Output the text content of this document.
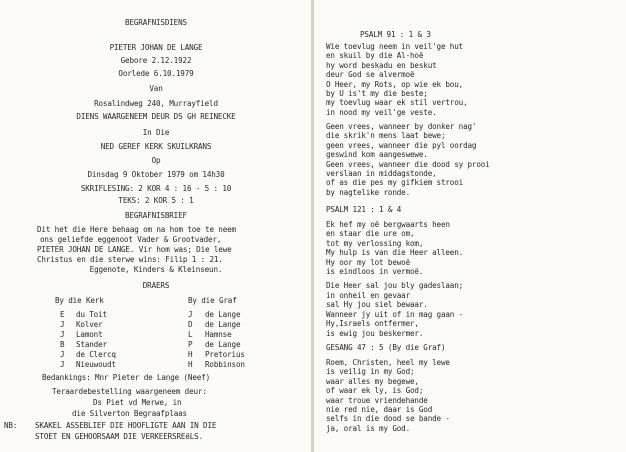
BEGRAFNISDIENS
PIETER JOHAN DE LANGE
Gebore 2.12.1922
Oorlede 6.10.1979
Van
Rosalindweg 240, Murrayfield
DIENS WAARGENEEM DEUR DS GH REINECKE
In Die
NED GEREF KERK SKUILKRANS
Op
Dinsdag 9 Oktober 1979 om 14h30
SKRIFLESING: 2 KOR 4 : 16 - 5 : 10
TEKS: 2 KOR 5 : 1
BEGRAFNISBRIEF
Dit het die Here behaag om na hom toe te neem
ons geliefde eggenoot Vader & Grootvader,
PIETER JOHAN DE LANGE. Vir hom was; Die lewe
Christus en die sterwe wins: Filip 1 : 21.
Eggenote, Kinders & Kleinseun.
DRAERS
By die Kerk	By die Graf
E du Toit
J Kolver
J Lamont
B Stander
J de Clercq
J Nieuwoudt
J de Lange
D de Lange
L Hamnse
P de Lange
H Pretorius
H Robbinson
Bedankings: Mnr Pieter de Lange (Neef)
Teraardebestelling waargeneem deur:
Ds Piet vd Merwe, in
die Silverton Begraafplaas
NB: SKAKEL ASSEBLIEF DIE HOOFLIGTE AAN IN DIE
STOET EN GEHOORSAAM DIE VERKEERSREëLS.
PSALM 91 : 1 & 3
Wie toevlug neem in veil'ge hut
en skuil by die Al-hoë
hy word beskadu en beskut
deur God se alvermoë
O Heer, my Rots, op wie ek bou,
by U is't my die beste;
my toevlug waar ek stil vertrou,
in nood my veil'ge veste.
Geen vrees, wanneer by donker nag'
die skrik'n mens laat bewe;
geen vrees, wanneer die pyl oordag
geswind kom aangeswewe.
Geen vrees, wanneer die dood sy prooi
verslaan in middagstonde,
of as die pes my gifkiem strooi
by nagtelike ronde.
PSALM 121 : 1 & 4
Ek hef my oë bergwaarts heen
en staar die ure om,
tot my verlossing kom,
My hulp is van die Heer alleen.
Hy oor my lot bewoë
is eindloos in vermoë.
Die Heer sal jou bly gadeslaan;
in onheil en gevaar
sal Hy jou siel bewaar.
Wanneer jy uit of in mag gaan -
Hy,Israels ontfermer,
is ewig jou beskermer.
GESANG 47 : 5 (By die Graf)
Roem, Christen, heel my lewe
is veilig in my God;
waar alles my begewe,
of waar ek ly, is God;
waar troue vriendehande
nie red nie, daar is God
selfs in die dood se bande -
ja, oral is my God.
